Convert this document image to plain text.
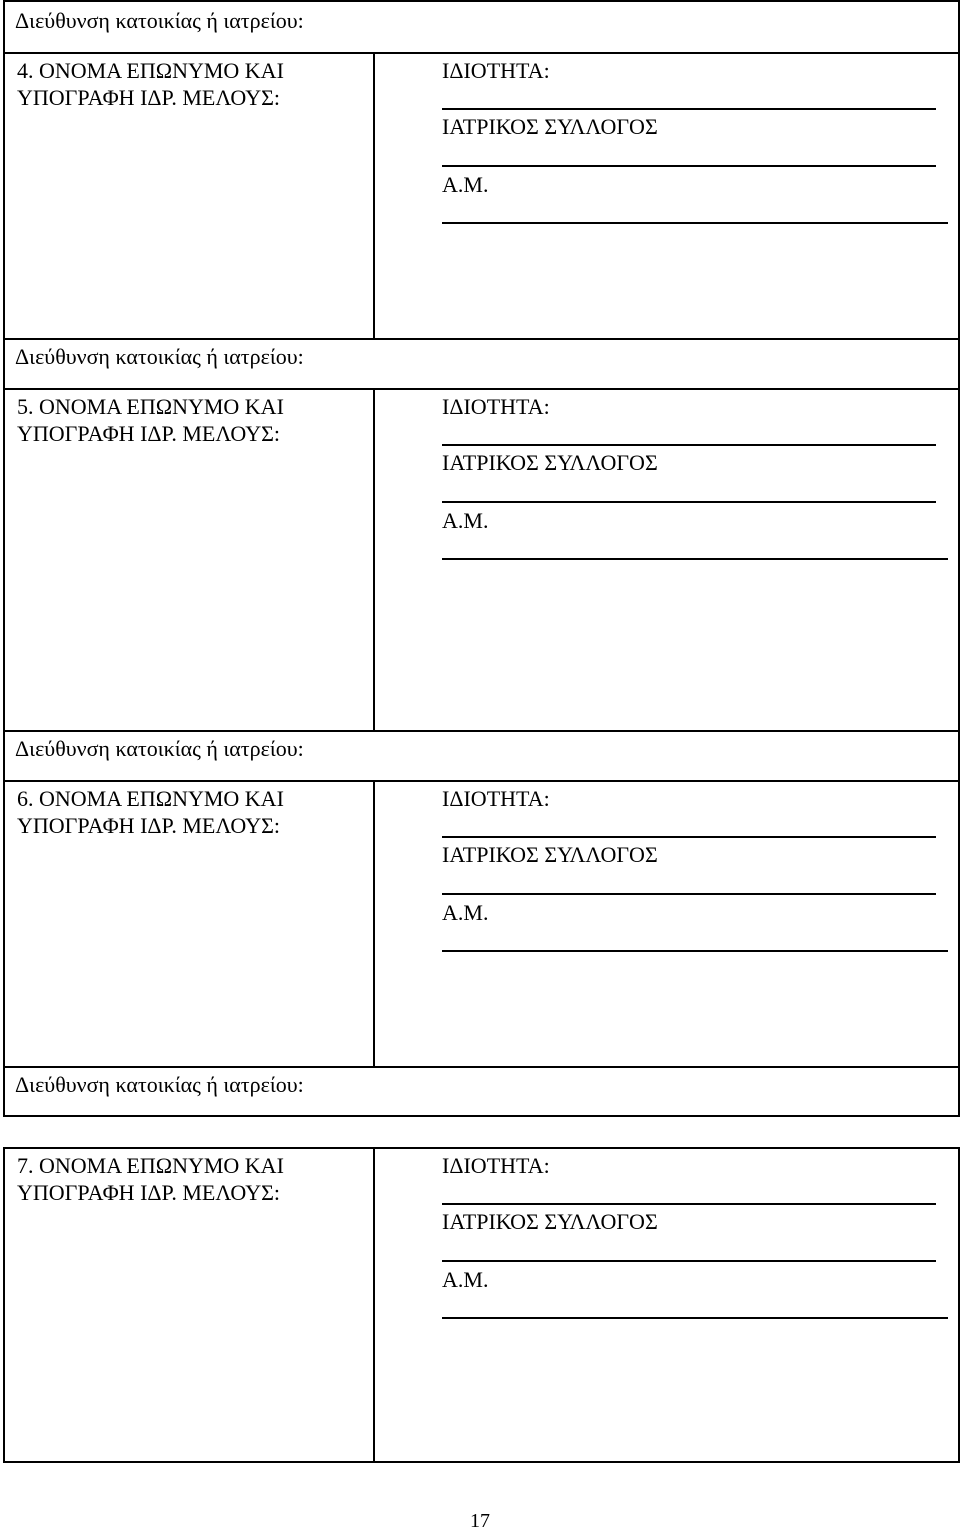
Διεύθυνση κατοικίας ή ιατρείου:
4. ΟΝΟΜΑ ΕΠΩΝΥΜΟ ΚΑΙ
ΥΠΟΓΡΑΦΗ ΙΔΡ. ΜΕΛΟΥΣ:
ΙΔΙΟΤΗΤΑ:
ΙΑΤΡΙΚΟΣ ΣΥΛΛΟΓΟΣ
Α.Μ.
Διεύθυνση κατοικίας ή ιατρείου:
5. ΟΝΟΜΑ ΕΠΩΝΥΜΟ ΚΑΙ
ΥΠΟΓΡΑΦΗ ΙΔΡ. ΜΕΛΟΥΣ:
ΙΔΙΟΤΗΤΑ:
ΙΑΤΡΙΚΟΣ ΣΥΛΛΟΓΟΣ
Α.Μ.
Διεύθυνση κατοικίας ή ιατρείου:
6. ΟΝΟΜΑ ΕΠΩΝΥΜΟ ΚΑΙ
ΥΠΟΓΡΑΦΗ ΙΔΡ. ΜΕΛΟΥΣ:
ΙΔΙΟΤΗΤΑ:
ΙΑΤΡΙΚΟΣ ΣΥΛΛΟΓΟΣ
Α.Μ.
Διεύθυνση κατοικίας ή ιατρείου:
7. ΟΝΟΜΑ ΕΠΩΝΥΜΟ ΚΑΙ
ΥΠΟΓΡΑΦΗ ΙΔΡ. ΜΕΛΟΥΣ:
ΙΔΙΟΤΗΤΑ:
ΙΑΤΡΙΚΟΣ ΣΥΛΛΟΓΟΣ
Α.Μ.
17
